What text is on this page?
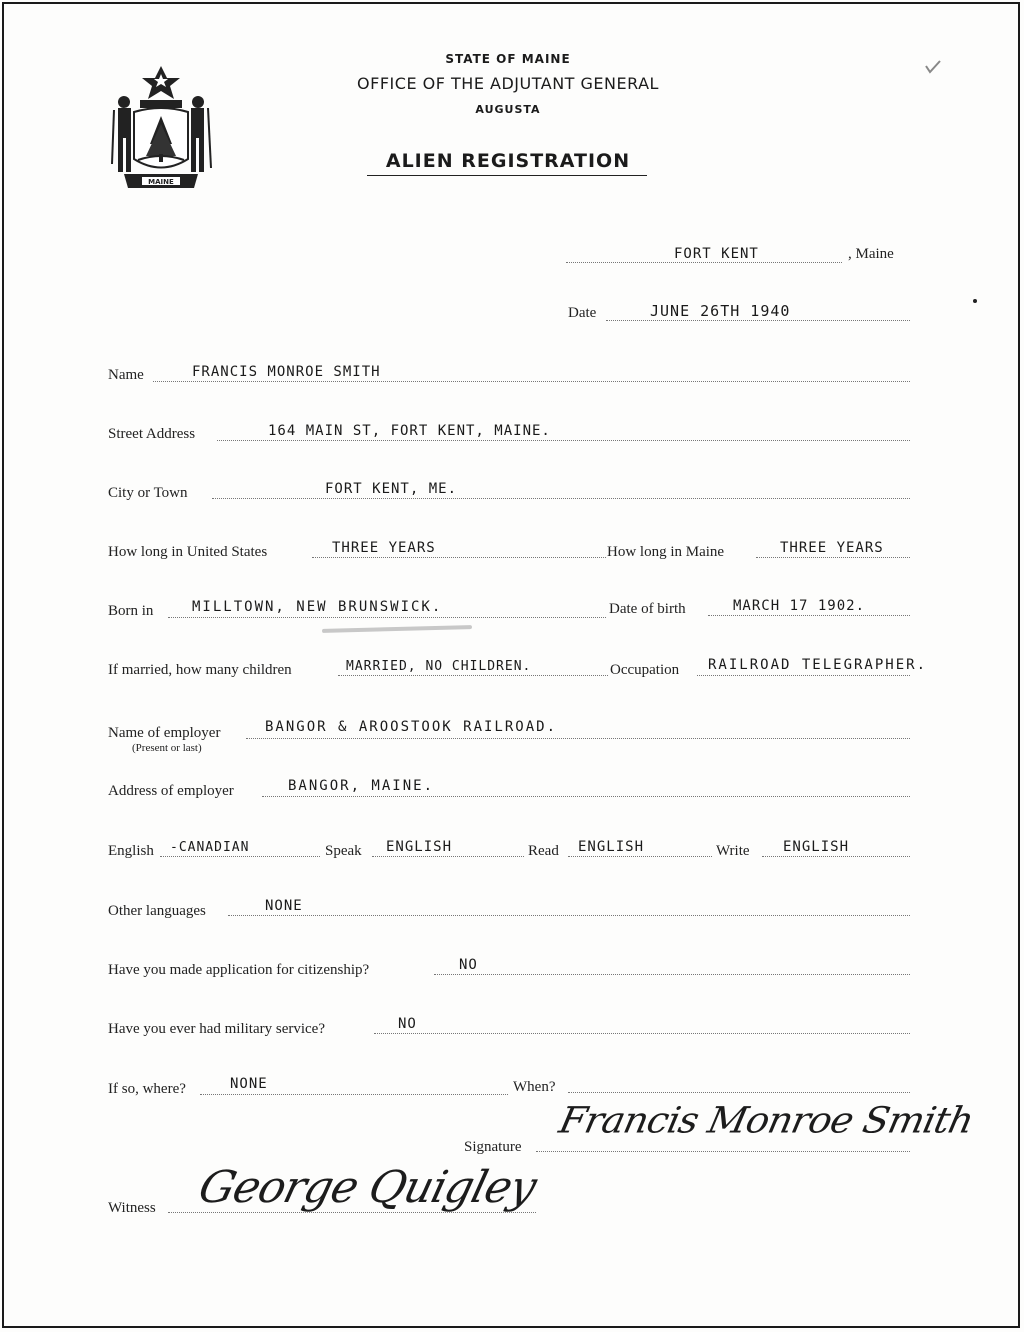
MAINE
STATE OF MAINE
OFFICE OF THE ADJUTANT GENERAL
AUGUSTA
ALIEN REGISTRATION
FORT KENT	, Maine
Date	JUNE 26TH 1940
Name	FRANCIS MONROE SMITH
Street Address	164 MAIN ST, FORT KENT, MAINE.
City or Town	FORT KENT, ME.
How long in United States	THREE YEARS	How long in Maine	THREE YEARS
Born in	MILLTOWN, NEW BRUNSWICK.	Date of birth	MARCH 17 1902.
If married, how many children	MARRIED, NO CHILDREN.	Occupation RAILROAD TELEGRAPHER.
Name of employer
(Present or last)
BANGOR & AROOSTOOK RAILROAD.
Address of employer	BANGOR, MAINE.
English -CANADIAN	Speak ENGLISH	Read ENGLISH	Write ENGLISH
Other languages	NONE
Have you made application for citizenship?	NO
Have you ever had military service?	NO
If so, where?	NONE	When?
Signature
Francis Monroe Smith
Witness George Quigley
